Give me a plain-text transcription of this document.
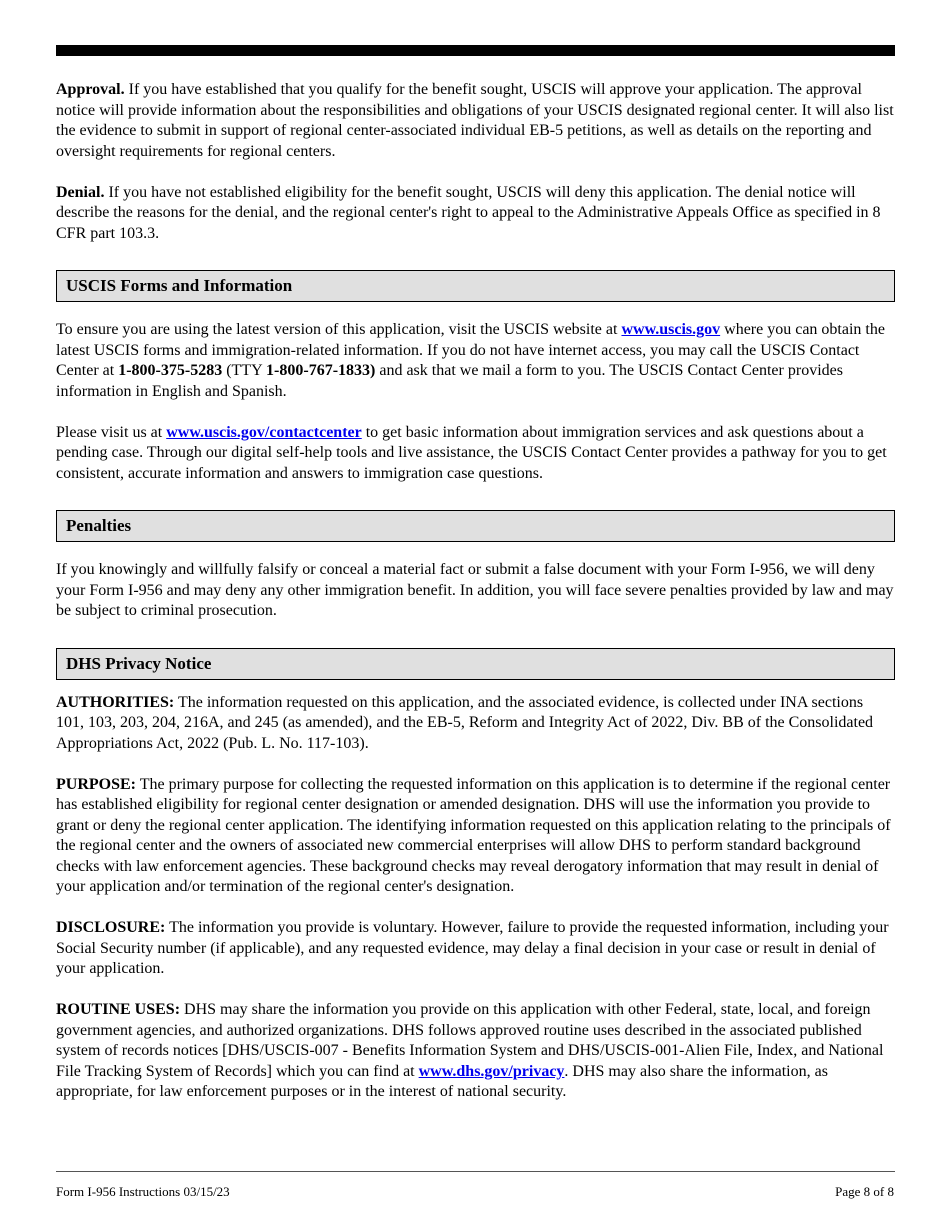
Approval. If you have established that you qualify for the benefit sought, USCIS will approve your application. The approval notice will provide information about the responsibilities and obligations of your USCIS designated regional center. It will also list the evidence to submit in support of regional center-associated individual EB-5 petitions, as well as details on the reporting and oversight requirements for regional centers.

Denial. If you have not established eligibility for the benefit sought, USCIS will deny this application. The denial notice will describe the reasons for the denial, and the regional center's right to appeal to the Administrative Appeals Office as specified in 8 CFR part 103.3.

USCIS Forms and Information

To ensure you are using the latest version of this application, visit the USCIS website at www.uscis.gov where you can obtain the latest USCIS forms and immigration-related information. If you do not have internet access, you may call the USCIS Contact Center at 1-800-375-5283 (TTY 1-800-767-1833) and ask that we mail a form to you. The USCIS Contact Center provides information in English and Spanish.

Please visit us at www.uscis.gov/contactcenter to get basic information about immigration services and ask questions about a pending case. Through our digital self-help tools and live assistance, the USCIS Contact Center provides a pathway for you to get consistent, accurate information and answers to immigration case questions.

Penalties

If you knowingly and willfully falsify or conceal a material fact or submit a false document with your Form I-956, we will deny your Form I-956 and may deny any other immigration benefit. In addition, you will face severe penalties provided by law and may be subject to criminal prosecution.

DHS Privacy Notice

AUTHORITIES: The information requested on this application, and the associated evidence, is collected under INA sections 101, 103, 203, 204, 216A, and 245 (as amended), and the EB-5, Reform and Integrity Act of 2022, Div. BB of the Consolidated Appropriations Act, 2022 (Pub. L. No. 117-103).

PURPOSE: The primary purpose for collecting the requested information on this application is to determine if the regional center has established eligibility for regional center designation or amended designation. DHS will use the information you provide to grant or deny the regional center application. The identifying information requested on this application relating to the principals of the regional center and the owners of associated new commercial enterprises will allow DHS to perform standard background checks with law enforcement agencies. These background checks may reveal derogatory information that may result in denial of your application and/or termination of the regional center's designation.

DISCLOSURE: The information you provide is voluntary. However, failure to provide the requested information, including your Social Security number (if applicable), and any requested evidence, may delay a final decision in your case or result in denial of your application.

ROUTINE USES: DHS may share the information you provide on this application with other Federal, state, local, and foreign government agencies, and authorized organizations. DHS follows approved routine uses described in the associated published system of records notices [DHS/USCIS-007 - Benefits Information System and DHS/USCIS-001-Alien File, Index, and National File Tracking System of Records] which you can find at www.dhs.gov/privacy. DHS may also share the information, as appropriate, for law enforcement purposes or in the interest of national security.

Form I-956 Instructions 03/15/23	Page 8 of 8
